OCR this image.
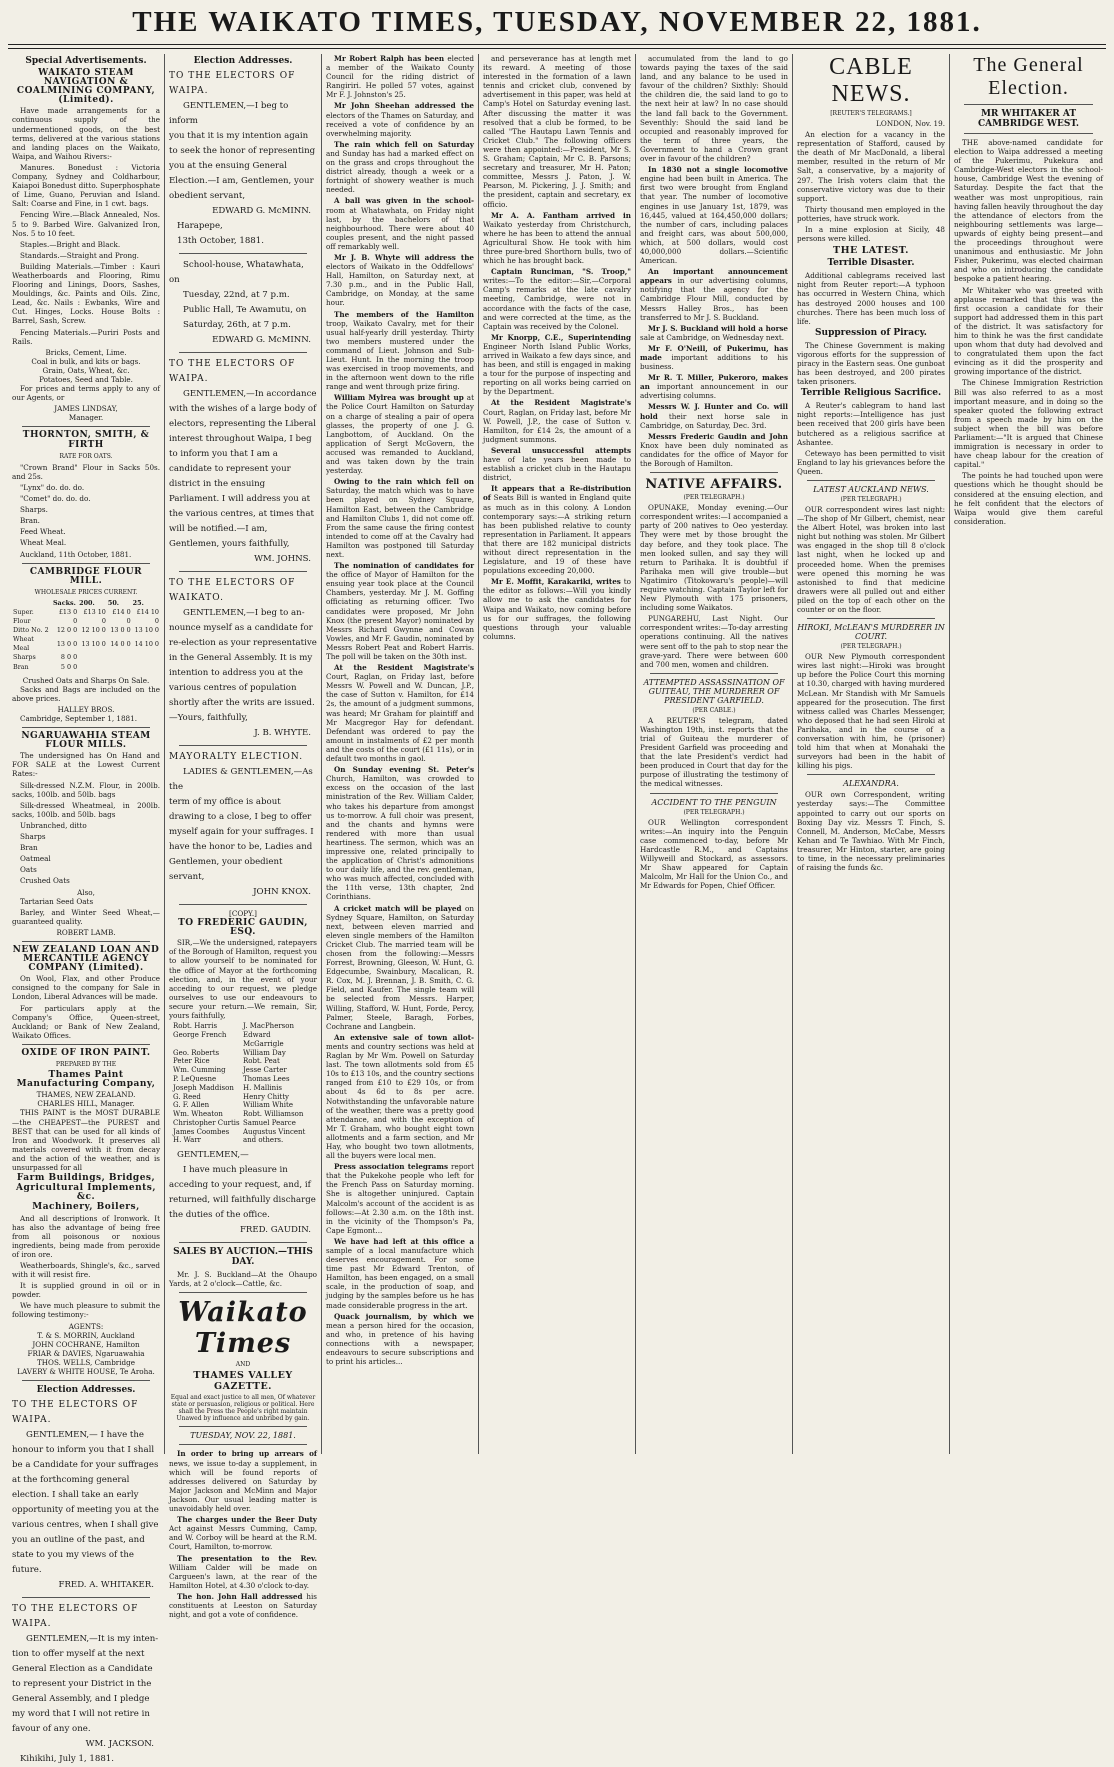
THE WAIKATO TIMES, TUESDAY, NOVEMBER 22, 1881.
Special Advertisements.
WAIKATO STEAM NAVIGATION & COALMINING COMPANY, (Limited).
Have made arrangements for a continuous supply of the undermentioned goods, on the best terms, delivered at the various stations and landing places on the Waikato, Waipa, and Waihou Rivers:-
Manures. Bonedust : Victoria Company, Sydney and Coldharbour, Kaiapoi Bonedust ditto. Superphosphate of Lime, Guano, Peruvian and Island. Salt: Coarse and Fine, in 1 cwt. bags.
Fencing Wire.—Black Annealed, Nos. 5 to 9. Barbed Wire. Galvanized Iron, Nos. 5 to 10 feet.
Staples.—Bright and Black.
Standards.—Straight and Prong.
Building Materials.—Timber : Kauri Weatherboards and Flooring, Rimu Flooring and Linings, Doors, Sashes, Mouldings, &c. Paints and Oils. Zinc, Lead, &c. Nails : Ewbanks, Wire and Cut. Hinges, Locks. House Bolts : Barrel, Sash, Screw.
Fencing Materials.—Puriri Posts and Rails.
Bricks, Cement, Lime.
Coal in bulk, and kits or bags.
Grain, Oats, Wheat, &c.
Potatoes, Seed and Table.
For prices and terms apply to any of our Agents, or
JAMES LINDSAY,
Manager.
THORNTON, SMITH, & FIRTH
RATE FOR OATS.
"Crown Brand" Flour in Sacks 50s. and 25s.
"Lynx" do. do. do.
"Comet" do. do. do.
Sharps.
Bran.
Feed Wheat.
Wheat Meal.
Auckland, 11th October, 1881.
CAMBRIDGE FLOUR MILL.
WHOLESALE PRICES CURRENT.
	Sacks.	200.	50.	25.
Super. Flour	£13 0 0	£13 10 0	£14 0 0	£14 10 0
Ditto No. 2	12 0 0	12 10 0	13 0 0	13 10 0
Wheat Meal	13 0 0	13 10 0	14 0 0	14 10 0
Sharps	8 0 0			
Bran	5 0 0			
Crushed Oats and Sharps On Sale.
Sacks and Bags are included on the above prices.
HALLEY BROS.
Cambridge, September 1, 1881.
NGARUAWAHIA STEAM FLOUR MILLS.
The undersigned has On Hand and FOR SALE at the Lowest Current Rates:-
Silk-dressed N.Z.M. Flour, in 200lb. sacks, 100lb. and 50lb. bags
Silk-dressed Wheatmeal, in 200lb. sacks, 100lb. and 50lb. bags
Unbranched, ditto
Sharps
Bran
Oatmeal
Oats
Crushed Oats
Also,
Tartarian Seed Oats
Barley, and Winter Seed Wheat,—guaranteed quality.
ROBERT LAMB.
NEW ZEALAND LOAN AND MERCANTILE AGENCY COMPANY (Limited).
On Wool, Flax, and other Produce consigned to the company for Sale in London, Liberal Advances will be made.
For particulars apply at the Company's Office, Queen-street, Auckland; or Bank of New Zealand, Waikato Offices.
OXIDE OF IRON PAINT.
PREPARED BY THE
Thames Paint Manufacturing Company,
THAMES, NEW ZEALAND.
CHARLES HILL, Manager.
THIS PAINT is the MOST DURABLE —the CHEAPEST—the PUREST and BEST that can be used for all kinds of Iron and Woodwork. It preserves all materials covered with it from decay and the action of the weather, and is unsurpassed for all
Farm Buildings, Bridges,
Agricultural Implements, &c.
Machinery, Boilers,
And all descriptions of Ironwork. It has also the advantage of being free from all poisonous or noxious ingredients, being made from peroxide of iron ore.
Weatherboards, Shingle's, &c., sarved with it will resist fire.
It is supplied ground in oil or in powder.
We have much pleasure to submit the following testimony:-
AGENTS:
T. & S. MORRIN, Auckland
JOHN COCHRANE, Hamilton
FRIAR & DAVIES, Ngaruawahia
THOS. WELLS, Cambridge
LAVERY & WHITE HOUSE, Te Aroha.
Election Addresses.
TO THE ELECTORS OF WAIPA.
GENTLEMEN,— I have the
honour to inform you that I shall be a Candidate for your suffrages at the forthcoming general election. I shall take an early opportunity of meeting you at the various centres, when I shall give you an outline of the past, and state to you my views of the future.
FRED. A. WHITAKER.
TO THE ELECTORS OF WAIPA.
GENTLEMEN,—It is my inten-
tion to offer myself at the next General Election as a Candidate to represent your District in the General Assembly, and I pledge my word that I will not retire in favour of any one.
WM. JACKSON.
Kihikihi, July 1, 1881.
Election Addresses.
TO THE ELECTORS OF WAIPA.
GENTLEMEN,—I beg to inform
you that it is my intention again to seek the honor of representing you at the ensuing General Election.—I am, Gentlemen, your obedient servant,
EDWARD G. McMINN.
Harapepe,
13th October, 1881.
School-house, Whatawhata, on
Tuesday, 22nd, at 7 p.m.
Public Hall, Te Awamutu, on
Saturday, 26th, at 7 p.m.
EDWARD G. McMINN.
TO THE ELECTORS OF WAIPA.
GENTLEMEN,—In accordance
with the wishes of a large body of electors, representing the Liberal interest throughout Waipa, I beg to inform you that I am a candidate to represent your district in the ensuing Parliament. I will address you at the various centres, at times that will be notified.—I am, Gentlemen, yours faithfully,
WM. JOHNS.
TO THE ELECTORS OF WAIKATO.
GENTLEMEN,—I beg to an-
nounce myself as a candidate for re-election as your representative in the General Assembly. It is my intention to address you at the various centres of population shortly after the writs are issued.—Yours, faithfully,
J. B. WHYTE.
MAYORALTY ELECTION.
LADIES & GENTLEMEN,—As the
term of my office is about drawing to a close, I beg to offer myself again for your suffrages. I have the honor to be, Ladies and Gentlemen, your obedient servant,
JOHN KNOX.
[COPY.]
TO FREDERIC GAUDIN, ESQ.
SIR,—We the undersigned, ratepayers of the Borough of Hamilton, request you to allow yourself to be nominated for the office of Mayor at the forthcoming election, and, in the event of your acceding to our request, we pledge ourselves to use our endeavours to secure your return.—We remain, Sir, yours faithfully,
Robt. Harris	J. MacPherson
George French	Edward McGarrigle
Geo. Roberts	William Day
Peter Rice	Robt. Peat
Wm. Cumming	Jesse Carter
P. LeQuesne	Thomas Lees
Joseph Maddison	H. Mallinis
G. Reed	Henry Chitty
G. F. Allen	William White
Wm. Wheaton	Robt. Williamson
Christopher Curtis Samuel Pearce
James Coombes	Augustus Vincent
H. Warr	and others.
GENTLEMEN,—
I have much pleasure in acceding to your request, and, if returned, will faithfully discharge the duties of the office.
FRED. GAUDIN.
SALES BY AUCTION.—THIS DAY.
Mr. J. S. Buckland—At the Ohaupo Yards, at 2 o'clock—Cattle, &c.
Waikato Times
AND
THAMES VALLEY GAZETTE.
Equal and exact justice to all men, Of whatever state or persuasion, religious or political. Here shall the Press the People's right maintain Unawed by influence and unbribed by gain.
TUESDAY, NOV. 22, 1881.
In order to bring up arrears of news, we issue to-day a supplement, in which will be found reports of addresses delivered on Saturday by Major Jackson and McMinn and Major Jackson. Our usual leading matter is unavoidably held over.
The charges under the Beer Duty Act against Messrs Cumming, Camp, and W. Corboy will be heard at the R.M. Court, Hamilton, to-morrow.
The presentation to the Rev. William Calder will be made on Cargueen's lawn, at the rear of the Hamilton Hotel, at 4.30 o'clock to-day.
The hon. John Hall addressed his constituents at Leeston on Saturday night, and got a vote of confidence.
Mr Robert Ralph has been elected a member of the Waikato County Council for the riding district of Rangiriri. He polled 57 votes, against Mr F. J. Johnston's 25.
Mr John Sheehan addressed the electors of the Thames on Saturday, and received a vote of confidence by an overwhelming majority.
The rain which fell on Saturday and Sunday has had a marked effect on on the grass and crops throughout the district already, though a week or a fortnight of showery weather is much needed.
A ball was given in the school- room at Whatawhata, on Friday night last, by the bachelors of that neighbourhood. There were about 40 couples present, and the night passed off remarkably well.
Mr J. B. Whyte will address the electors of Waikato in the Oddfellows' Hall, Hamilton, on Saturday next, at 7.30 p.m., and in the Public Hall, Cambridge, on Monday, at the same hour.
The members of the Hamilton troop, Waikato Cavalry, met for their usual half-yearly drill yesterday. Thirty two members mustered under the command of Lieut. Johnson and Sub-Lieut. Hunt. In the morning the troop was exercised in troop movements, and in the afternoon went down to the rifle range and went through prize firing.
William Mylrea was brought up at the Police Court Hamilton on Saturday on a charge of stealing a pair of opera glasses, the property of one J. G. Langbottom, of Auckland. On the application of Sergt McGovern, the accused was remanded to Auckland, and was taken down by the train yesterday.
Owing to the rain which fell on Saturday, the match which was to have been played on Sydney Square, Hamilton East, between the Cambridge and Hamilton Clubs 1, did not come off. From the same cause the firing contest intended to come off at the Cavalry had Hamilton was postponed till Saturday next.
The nomination of candidates for the office of Mayor of Hamilton for the ensuing year took place at the Council Chambers, yesterday. Mr J. M. Goffing officiating as returning officer. Two candidates were proposed, Mr John Knox (the present Mayor) nominated by Messrs Richard Gwynne and Cowan Vowles, and Mr F. Gaudin, nominated by Messrs Robert Peat and Robert Harris. The poll will be taken on the 30th inst.
At the Resident Magistrate's Court, Raglan, on Friday last, before Messrs W. Powell and W. Duncan, J.P., the case of Sutton v. Hamilton, for £14 2s, the amount of a judgment summons, was heard; Mr Graham for plaintiff and Mr Macgregor Hay for defendant. Defendant was ordered to pay the amount in instalments of £2 per month and the costs of the court (£1 11s), or in default two months in gaol.
On Sunday evening St. Peter's Church, Hamilton, was crowded to excess on the occasion of the last ministration of the Rev. William Calder, who takes his departure from amongst us to-morrow. A full choir was present, and the chants and hymns were rendered with more than usual heartiness. The sermon, which was an impressive one, related principally to the application of Christ's admonitions to our daily life, and the rev. gentleman, who was much affected, concluded with the 11th verse, 13th chapter, 2nd Corinthians.
A cricket match will be played on Sydney Square, Hamilton, on Saturday next, between eleven married and eleven single members of the Hamilton Cricket Club. The married team will be chosen from the following:—Messrs Forrest, Browning, Gleeson, W. Hunt, G. Edgecumbe, Swainbury, Macalican, R. R. Cox, M. J. Brennan, J. B. Smith, C. G. Field, and Kaufer. The single team will be selected from Messrs. Harper, Willing, Stafford, W. Hunt, Forde, Percy, Palmer, Steele, Baragh, Forbes, Cochrane and Langbein.
An extensive sale of town allot- ments and country sections was held at Raglan by Mr Wm. Powell on Saturday last. The town allotments sold from £5 10s to £13 10s, and the country sections ranged from £10 to £29 10s, or from about 4s 6d to 8s per acre. Notwithstanding the unfavorable nature of the weather, there was a pretty good attendance, and with the exception of Mr T. Graham, who bought eight town allotments and a farm section, and Mr Hay, who bought two town allotments, all the buyers were local men.
Press association telegrams report that the Pukekohe people who left for the French Pass on Saturday morning. She is altogether uninjured. Captain Malcolm's account of the accident is as follows:—At 2.30 a.m. on the 18th inst. in the vicinity of the Thompson's Pa, Cape Egmont...
We have had left at this office a sample of a local manufacture which deserves encouragement. For some time past Mr Edward Trenton, of Hamilton, has been engaged, on a small scale, in the production of soap, and judging by the samples before us he has made considerable progress in the art.
Quack journalism, by which we mean a person hired for the occasion, and who, in pretence of his having connections with a newspaper, endeavours to secure subscriptions and to print his articles...
and perseverance has at length met its reward. A meeting of those interested in the formation of a lawn tennis and cricket club, convened by advertisement in this paper, was held at Camp's Hotel on Saturday evening last. After discussing the matter it was resolved that a club be formed, to be called "The Hautapu Lawn Tennis and Cricket Club." The following officers were then appointed:—President, Mr S. S. Graham; Captain, Mr C. B. Parsons; secretary and treasurer, Mr H. Paton; committee, Messrs J. Paton, J. W. Pearson, M. Pickering, J. J. Smith; and the president, captain and secretary, ex officio.
Mr A. A. Fantham arrived in Waikato yesterday from Christchurch, where he has been to attend the annual Agricultural Show. He took with him three pure-bred Shorthorn bulls, two of which he has brought back.
Captain Runciman, "S. Troop," writes:—To the editor:—Sir,—Corporal Camp's remarks at the late cavalry meeting, Cambridge, were not in accordance with the facts of the case, and were corrected at the time, as the Captain was received by the Colonel.
Mr Knorpp, C.E., Superintending Engineer North Island Public Works, arrived in Waikato a few days since, and has been, and still is engaged in making a tour for the purpose of inspecting and reporting on all works being carried on by the Department.
At the Resident Magistrate's Court, Raglan, on Friday last, before Mr W. Powell, J.P., the case of Sutton v. Hamilton, for £14 2s, the amount of a judgment summons.
Several unsuccessful attempts have of late years been made to establish a cricket club in the Hautapu district,
It appears that a Re-distribution of Seats Bill is wanted in England quite as much as in this colony. A London contemporary says:—A striking return has been published relative to county representation in Parliament. It appears that there are 182 municipal districts without direct representation in the Legislature, and 19 of these have populations exceeding 20,000.
Mr E. Moffit, Karakariki, writes to the editor as follows:—Will you kindly allow me to ask the candidates for Waipa and Waikato, now coming before us for our suffrages, the following questions through your valuable columns.
accumulated from the land to go towards paying the taxes of the said land, and any balance to be used in favour of the children? Sixthly: Should the children die, the said land to go to the next heir at law? In no case should the land fall back to the Government. Seventhly: Should the said land be occupied and reasonably improved for the term of three years, the Government to hand a Crown grant over in favour of the children?
In 1830 not a single locomotive engine had been built in America. The first two were brought from England that year. The number of locomotive engines in use January 1st, 1879, was 16,445, valued at 164,450,000 dollars; the number of cars, including palaces and freight cars, was about 500,000, which, at 500 dollars, would cost 40,000,000 dollars.—Scientific American.
An important announcement appears in our advertising columns, notifying that the agency for the Cambridge Flour Mill, conducted by Messrs Halley Bros., has been transferred to Mr J. S. Buckland.
Mr J. S. Buckland will hold a horse sale at Cambridge, on Wednesday next.
Mr F. O'Neill, of Pukerimu, has made important additions to his business.
Mr R. T. Miller, Pukeroro, makes an important announcement in our advertising columns.
Messrs W. J. Hunter and Co. will hold their next horse sale in Cambridge, on Saturday, Dec. 3rd.
Messrs Frederic Gaudin and John Knox have been duly nominated as candidates for the office of Mayor for the Borough of Hamilton.
NATIVE AFFAIRS.
(PER TELEGRAPH.)
OPUNAKE, Monday evening.—Our correspondent writes:—I accompanied a party of 200 natives to Oeo yesterday. They were met by those brought the day before, and they took place. The men looked sullen, and say they will return to Parihaka. It is doubtful if Parihaka men will give trouble—but Ngatimiro (Titokowaru's people)—will require watching. Captain Taylor left for New Plymouth with 175 prisoners, including some Waikatos.
PUNGAREHU, Last Night. Our correspondent writes:—To-day arresting operations continuing. All the natives were sent off to the pah to stop near the grave-yard. There were between 600 and 700 men, women and children.
ATTEMPTED ASSASSINATION OF GUITEAU, THE MURDERER OF PRESIDENT GARFIELD.
(PER CABLE.)
A REUTER'S telegram, dated Washington 19th, inst. reports that the trial of Guiteau the murderer of President Garfield was proceeding and that the late President's verdict had been produced in Court that day for the purpose of illustrating the testimony of the medical witnesses.
ACCIDENT TO THE PENGUIN
(PER TELEGRAPH.)
OUR Wellington correspondent writes:—An inquiry into the Penguin case commenced to-day, before Mr Hardcastle R.M., and Captains Willyweill and Stockard, as assessors. Mr Shaw appeared for Captain Malcolm, Mr Hall for the Union Co., and Mr Edwards for Popen, Chief Officer.
CABLE NEWS.
[REUTER'S TELEGRAMS.]
LONDON, Nov. 19.
An election for a vacancy in the representation of Stafford, caused by the death of Mr MacDonald, a liberal member, resulted in the return of Mr Salt, a conservative, by a majority of 297. The Irish voters claim that the conservative victory was due to their support.
Thirty thousand men employed in the potteries, have struck work.
In a mine explosion at Sicily, 48 persons were killed.
THE LATEST.
Terrible Disaster.
Additional cablegrams received last night from Reuter report:—A typhoon has occurred in Western China, which has destroyed 2000 houses and 100 churches. There has been much loss of life.
Suppression of Piracy.
The Chinese Government is making vigorous efforts for the suppression of piracy in the Eastern seas. One gunboat has been destroyed, and 200 pirates taken prisoners.
Terrible Religious Sacrifice.
A Reuter's cablegram to hand last night reports:—Intelligence has just been received that 200 girls have been butchered as a religious sacrifice at Ashantee.
Cetewayo has been permitted to visit England to lay his grievances before the Queen.
LATEST AUCKLAND NEWS.
(PER TELEGRAPH.)
OUR correspondent wires last night:—The shop of Mr Gilbert, chemist, near the Albert Hotel, was broken into last night but nothing was stolen. Mr Gilbert was engaged in the shop till 8 o'clock last night, when he locked up and proceeded home. When the premises were opened this morning he was astonished to find that medicine drawers were all pulled out and either piled on the top of each other on the counter or on the floor.
HIROKI, McLEAN'S MURDERER IN COURT.
(PER TELEGRAPH.)
OUR New Plymouth correspondent wires last night:—Hiroki was brought up before the Police Court this morning at 10.30, charged with having murdered McLean. Mr Standish with Mr Samuels appeared for the prosecution. The first witness called was Charles Messenger, who deposed that he had seen Hiroki at Parihaka, and in the course of a conversation with him, he (prisoner) told him that when at Monahaki the surveyors had been in the habit of killing his pigs.
ALEXANDRA.
OUR own Correspondent, writing yesterday says:—The Committee appointed to carry out our sports on Boxing Day viz. Messrs T. Finch, S. Connell, M. Anderson, McCabe, Messrs Kehan and Te Tawhiao. With Mr Finch, treasurer, Mr Hinton, starter, are going to time, in the necessary preliminaries of raising the funds &c.
The General Election.
MR WHITAKER AT CAMBRIDGE WEST.
THE above-named candidate for election to Waipa addressed a meeting of the Pukerimu, Pukekura and Cambridge-West electors in the school-house, Cambridge West the evening of Saturday. Despite the fact that the weather was most unpropitious, rain having fallen heavily throughout the day the attendance of electors from the neighbouring settlements was large—upwards of eighty being present—and the proceedings throughout were unanimous and enthusiastic. Mr John Fisher, Pukerimu, was elected chairman and who on introducing the candidate bespoke a patient hearing.
Mr Whitaker who was greeted with applause remarked that this was the first occasion a candidate for their support had addressed them in this part of the district. It was satisfactory for him to think he was the first candidate upon whom that duty had devolved and to congratulated them upon the fact evincing as it did the prosperity and growing importance of the district.
The Chinese Immigration Restriction Bill was also referred to as a most important measure, and in doing so the speaker quoted the following extract from a speech made by him on the subject when the bill was before Parliament:—"It is argued that Chinese immigration is necessary in order to have cheap labour for the creation of capital."
The points he had touched upon were questions which he thought should be considered at the ensuing election, and he felt confident that the electors of Waipa would give them careful consideration.
